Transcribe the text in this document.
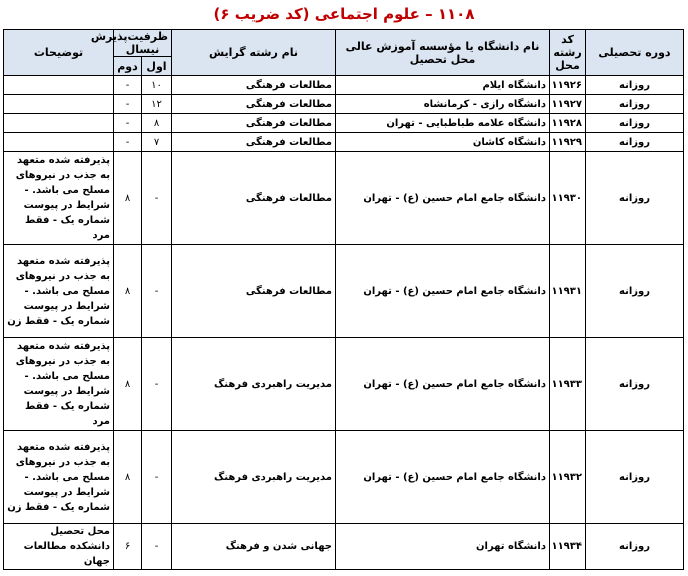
۱۱۰۸ – علوم اجتماعی (کد ضریب ۶)
دوره تحصیلی	کد رشته محل	نام دانشگاه یا مؤسسه آموزش عالی محل تحصیل	نام رشته گرایش	ظرفیت‌پذیرش نیسال		توضیحات
				اول	دوم	
روزانه	۱۱۹۲۶	دانشگاه ایلام	مطالعات فرهنگی	۱۰	-	
روزانه	۱۱۹۲۷	دانشگاه رازی - کرمانشاه	مطالعات فرهنگی	۱۲	-	
روزانه	۱۱۹۲۸	دانشگاه علامه طباطبایی - تهران	مطالعات فرهنگی	۸	-	
روزانه	۱۱۹۲۹	دانشگاه کاشان	مطالعات فرهنگی	۷	-	
روزانه	۱۱۹۳۰	دانشگاه جامع امام حسین (ع) - تهران	مطالعات فرهنگی	-	۸	پذیرفته شده متعهد به جذب در نیروهای مسلح می باشد. - شرایط در پیوست شماره یک - فقط مرد
روزانه	۱۱۹۳۱	دانشگاه جامع امام حسین (ع) - تهران	مطالعات فرهنگی	-	۸	پذیرفته شده متعهد به جذب در نیروهای مسلح می باشد. - شرایط در پیوست شماره یک - فقط زن
روزانه	۱۱۹۳۳	دانشگاه جامع امام حسین (ع) - تهران	مدیریت راهبردی فرهنگ	-	۸	پذیرفته شده متعهد به جذب در نیروهای مسلح می باشد. - شرایط در پیوست شماره یک - فقط مرد
روزانه	۱۱۹۳۲	دانشگاه جامع امام حسین (ع) - تهران	مدیریت راهبردی فرهنگ	-	۸	پذیرفته شده متعهد به جذب در نیروهای مسلح می باشد. - شرایط در پیوست شماره یک - فقط زن
روزانه	۱۱۹۳۴	دانشگاه تهران	جهانی شدن و فرهنگ	-	۶	محل تحصیل دانشکده مطالعات جهان
